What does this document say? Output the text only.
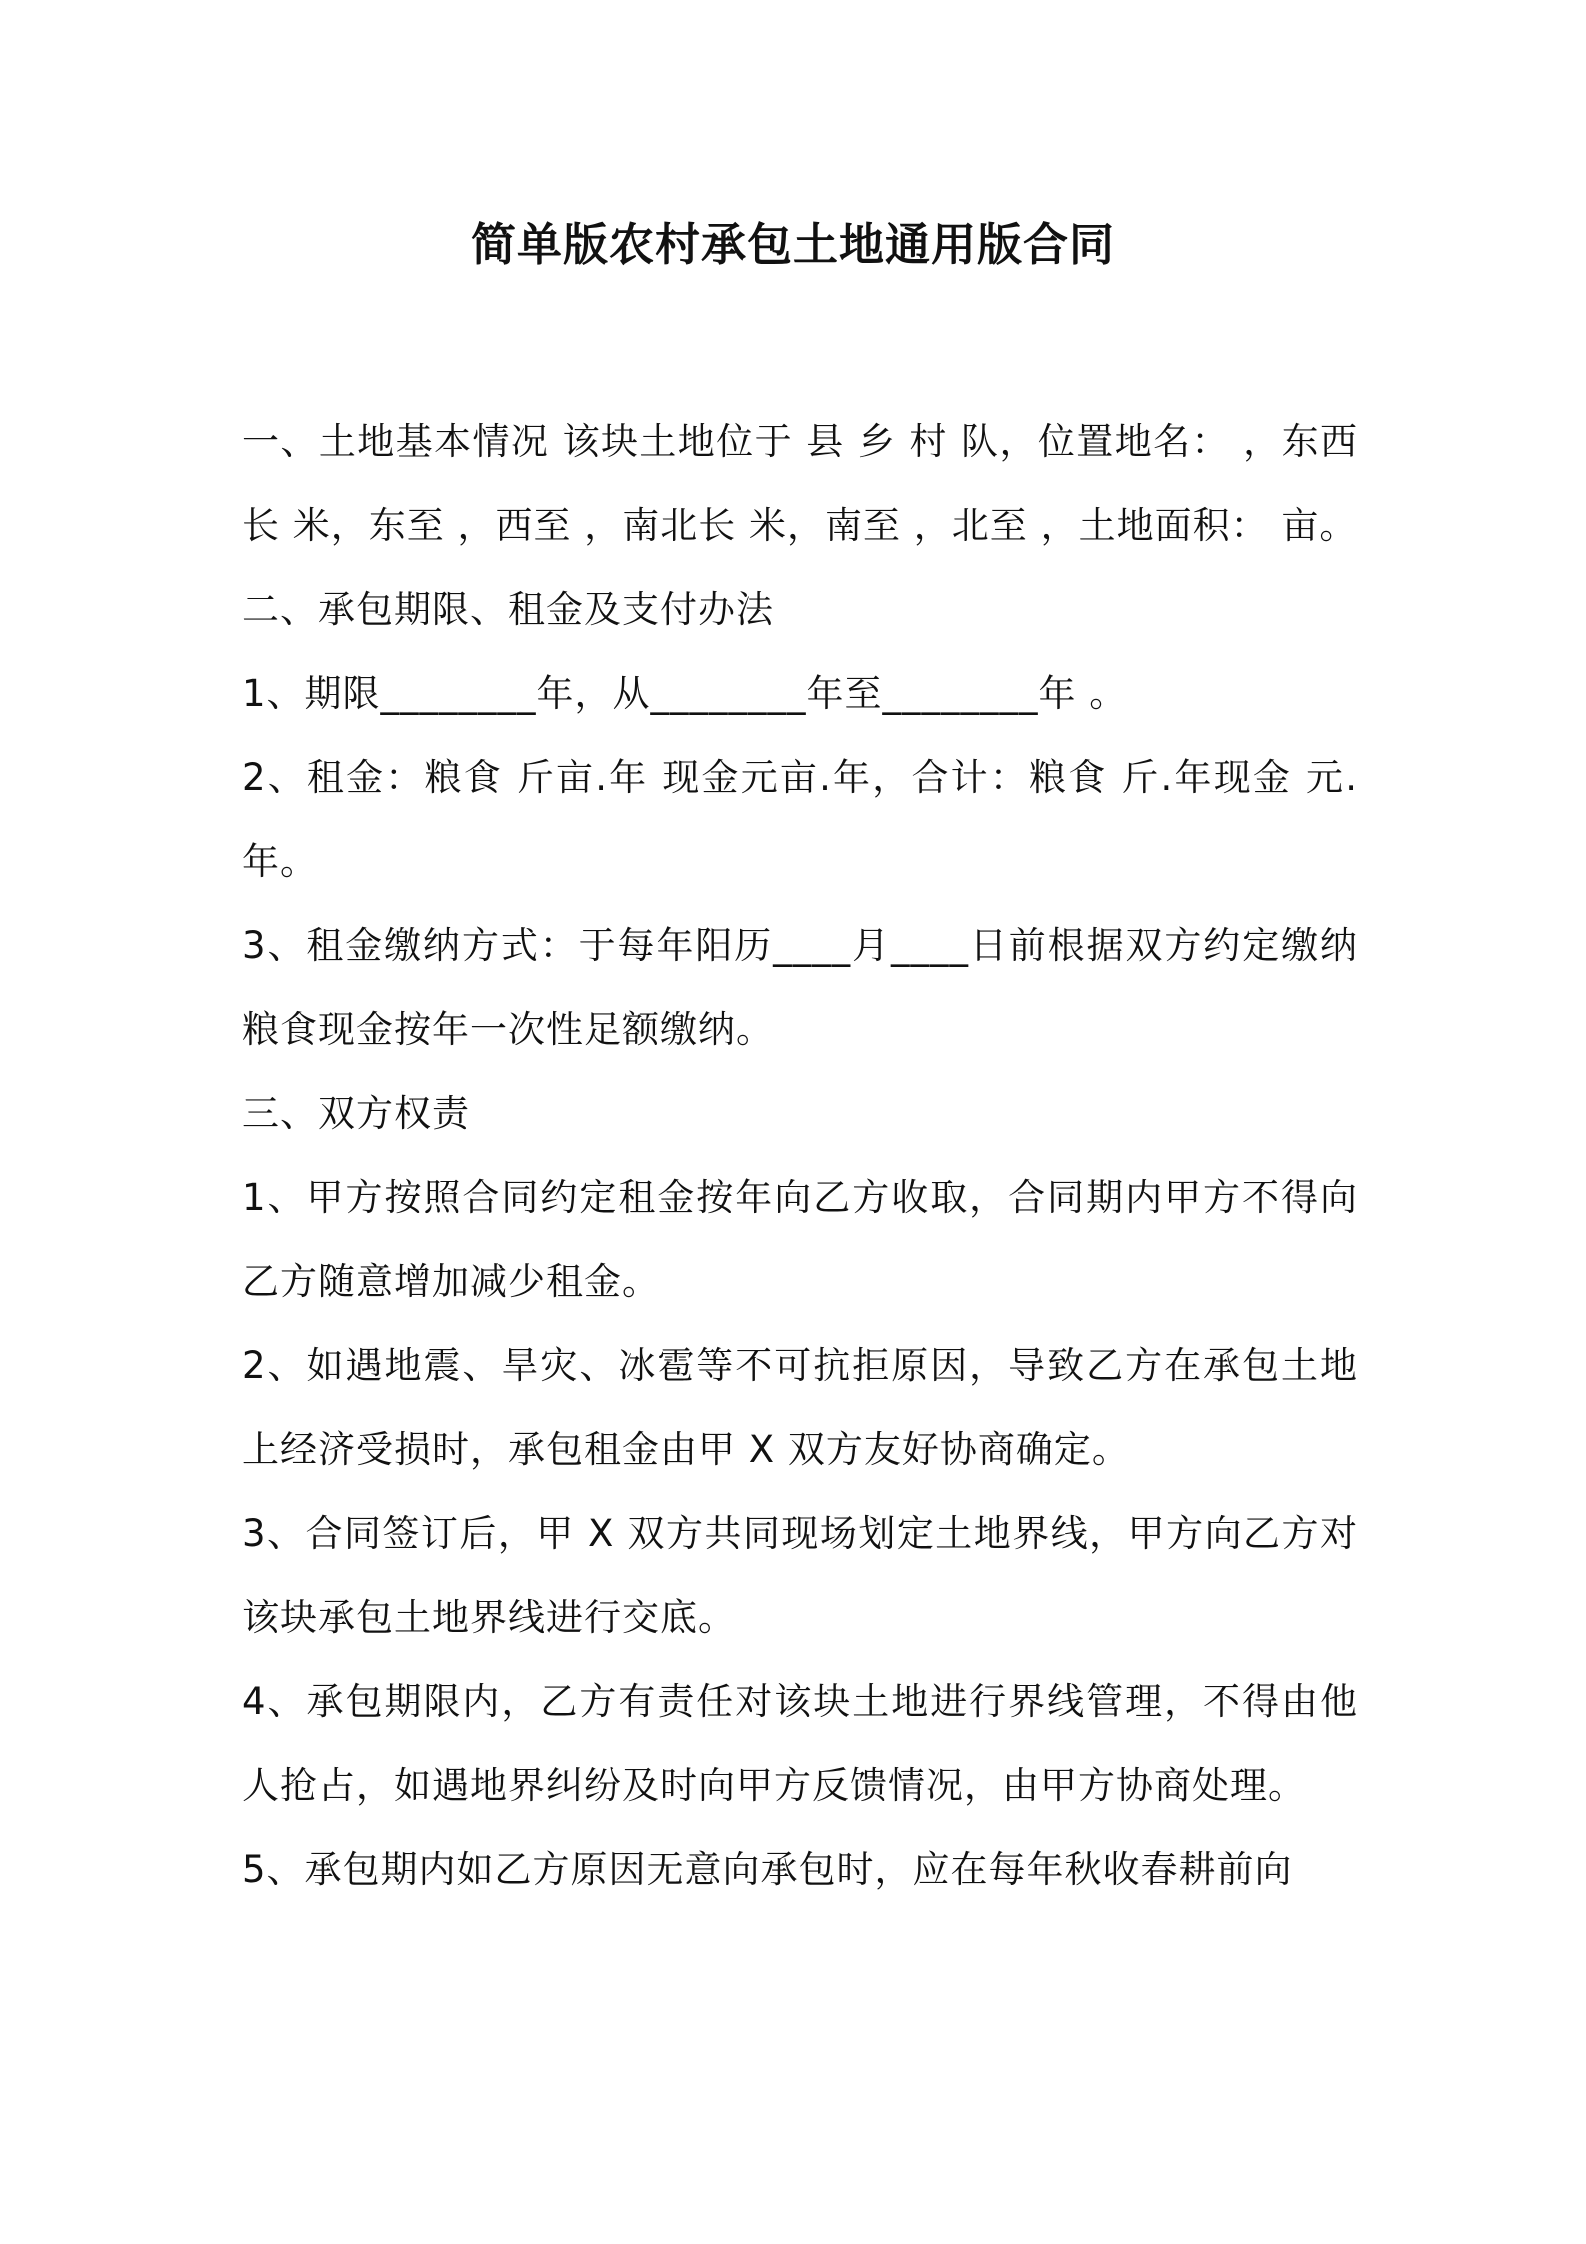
简单版农村承包土地通用版合同

一、土地基本情况 该块土地位于 县 乡 村 队，位置地名： ，东西长 米，东至 ，西至 ，南北长 米，南至 ，北至 ，土地面积： 亩。

二、承包期限、租金及支付办法

1、期限________年，从________年至________年 。

2、租金：粮食 斤亩.年 现金元亩.年，合计：粮食 斤.年现金 元.年。

3、租金缴纳方式：于每年阳历____月____日前根据双方约定缴纳粮食现金按年一次性足额缴纳。

三、双方权责

1、甲方按照合同约定租金按年向乙方收取，合同期内甲方不得向乙方随意增加减少租金。

2、如遇地震、旱灾、冰雹等不可抗拒原因，导致乙方在承包土地上经济受损时，承包租金由甲 X 双方友好协商确定。

3、合同签订后，甲 X 双方共同现场划定土地界线，甲方向乙方对该块承包土地界线进行交底。

4、承包期限内，乙方有责任对该块土地进行界线管理，不得由他人抢占，如遇地界纠纷及时向甲方反馈情况，由甲方协商处理。

5、承包期内如乙方原因无意向承包时，应在每年秋收春耕前向
